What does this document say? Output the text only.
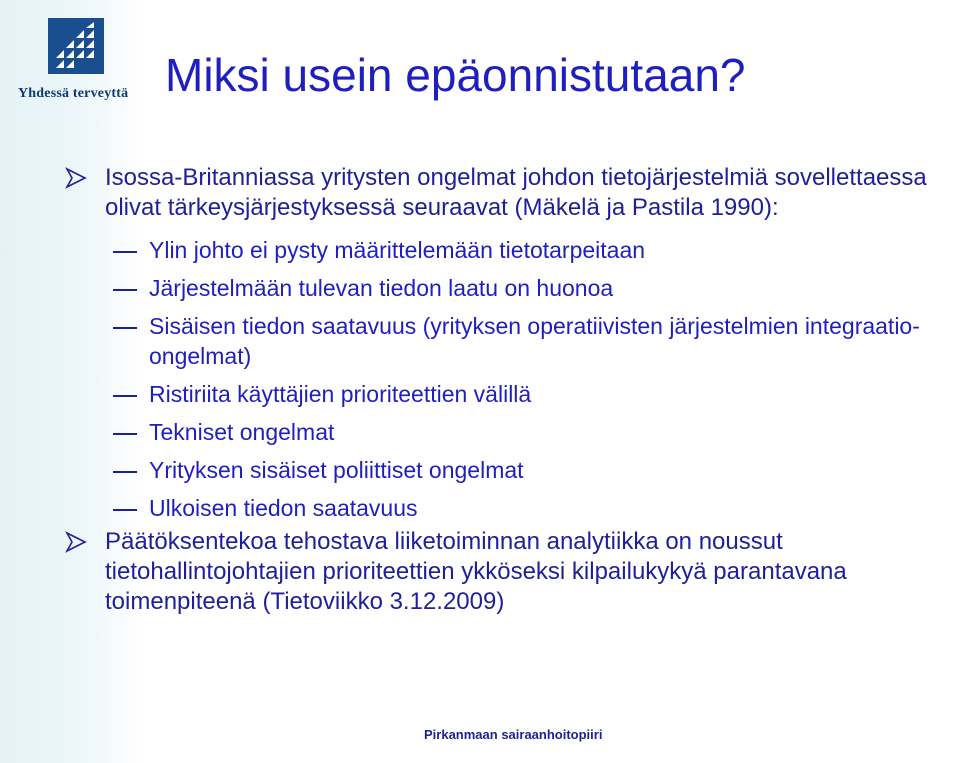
Yhdessä terveyttä Miksi usein epäonnistutaan?
Isossa-Britanniassa yritysten ongelmat johdon tietojärjestelmiä sovellettaessa olivat tärkeysjärjestyksessä seuraavat (Mäkelä ja Pastila 1990):
Ylin johto ei pysty määrittelemään tietotarpeitaan
Järjestelmään tulevan tiedon laatu on huonoa
Sisäisen tiedon saatavuus (yrityksen operatiivisten järjestelmien integraatio-ongelmat)
Ristiriita käyttäjien prioriteettien välillä
Tekniset ongelmat
Yrityksen sisäiset poliittiset ongelmat
Ulkoisen tiedon saatavuus
Päätöksentekoa tehostava liiketoiminnan analytiikka on noussut tietohallintojohtajien prioriteettien ykköseksi kilpailukykyä parantavana toimenpiteenä (Tietoviikko 3.12.2009)
Pirkanmaan sairaanhoitopiiri
